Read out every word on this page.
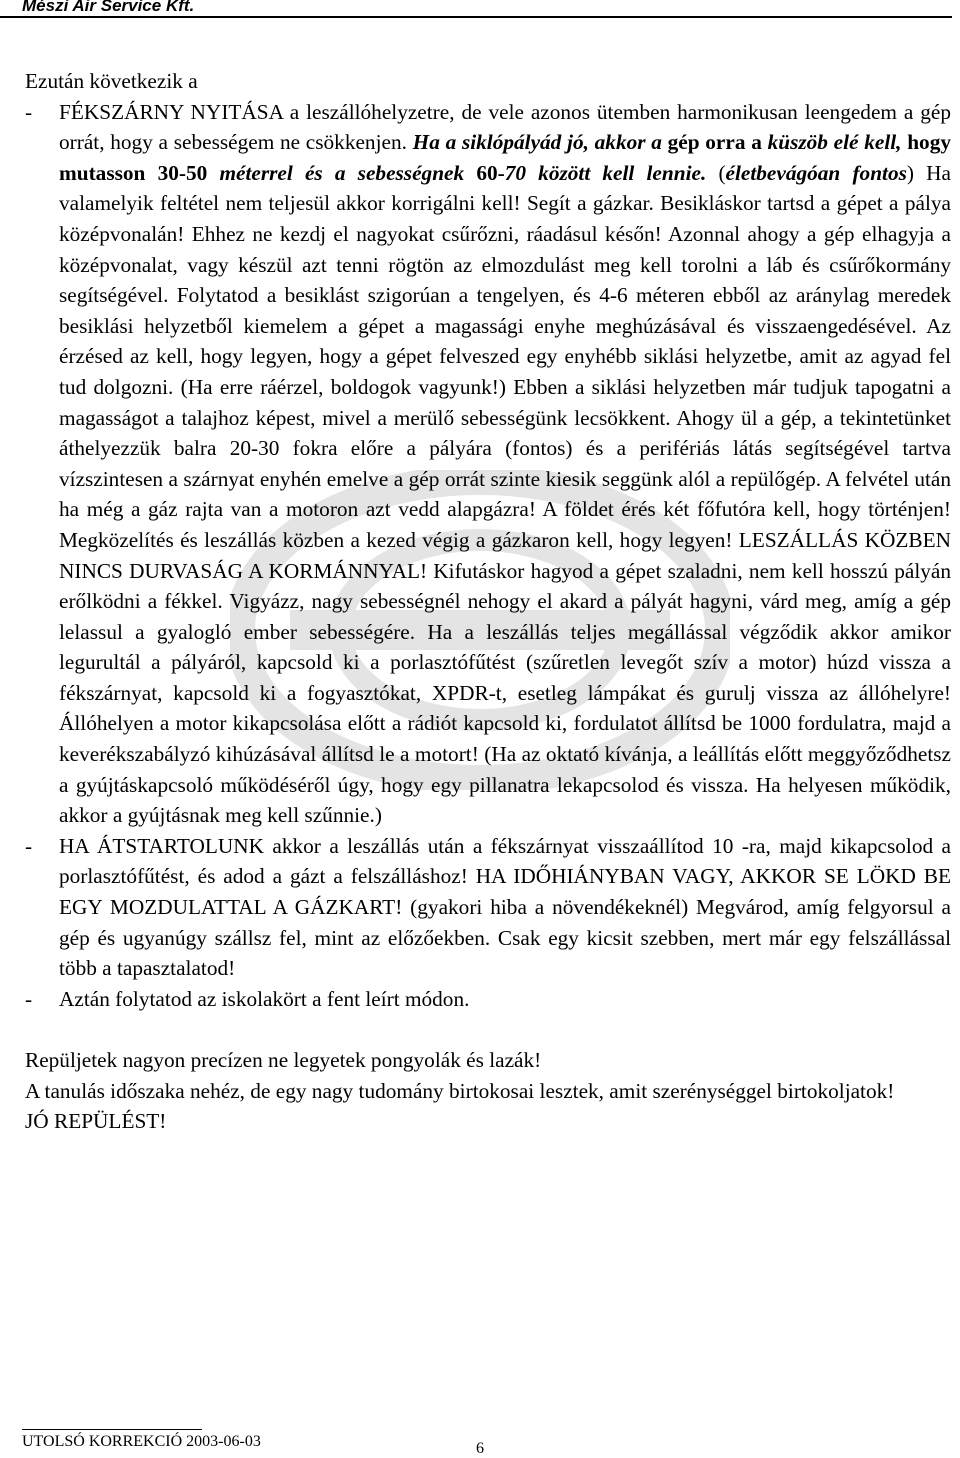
Mészi Air Service Kft.

Ezután következik a

- FÉKSZÁRNY NYITÁSA a leszállóhelyzetre, de vele azonos ütemben harmonikusan leengedem a gép orrát, hogy a sebességem ne csökkenjen. Ha a siklópályád jó, akkor a gép orra a küszöb elé kell, hogy mutasson 30-50 méterrel és a sebességnek 60-70 között kell lennie. (életbevágóan fontos) Ha valamelyik feltétel nem teljesül akkor korrigálni kell! Segít a gázkar. Besikláskor tartsd a gépet a pálya középvonalán! Ehhez ne kezdj el nagyokat csűrőzni, ráadásul későn! Azonnal ahogy a gép elhagyja a középvonalat, vagy készül azt tenni rögtön az elmozdulást meg kell torolni a láb és csűrőkormány segítségével. Folytatod a besiklást szigorúan a tengelyen, és 4-6 méteren ebből az aránylag meredek besiklási helyzetből kiemelem a gépet a magassági enyhe meghúzásával és visszaengedésével. Az érzésed az kell, hogy legyen, hogy a gépet felveszed egy enyhébb siklási helyzetbe, amit az agyad fel tud dolgozni. (Ha erre ráérzel, boldogok vagyunk!) Ebben a siklási helyzetben már tudjuk tapogatni a magasságot a talajhoz képest, mivel a merülő sebességünk lecsökkent. Ahogy ül a gép, a tekintetünket áthelyezzük balra 20-30 fokra előre a pályára (fontos) és a perifériás látás segítségével tartva vízszintesen a szárnyat enyhén emelve a gép orrát szinte kiesik seggünk alól a repülőgép. A felvétel után ha még a gáz rajta van a motoron azt vedd alapgázra! A földet érés két főfutóra kell, hogy történjen! Megközelítés és leszállás közben a kezed végig a gázkaron kell, hogy legyen! LESZÁLLÁS KÖZBEN NINCS DURVASÁG A KORMÁNNYAL! Kifutáskor hagyod a gépet szaladni, nem kell hosszú pályán erőlködni a fékkel. Vigyázz, nagy sebességnél nehogy el akard a pályát hagyni, várd meg, amíg a gép lelassul a gyalogló ember sebességére. Ha a leszállás teljes megállással végződik akkor amikor legurultál a pályáról, kapcsold ki a porlasztófűtést (szűretlen levegőt szív a motor) húzd vissza a fékszárnyat, kapcsold ki a fogyasztókat, XPDR-t, esetleg lámpákat és gurulj vissza az állóhelyre! Állóhelyen a motor kikapcsolása előtt a rádiót kapcsold ki, fordulatot állítsd be 1000 fordulatra, majd a keverékszabályzó kihúzásával állítsd le a motort! (Ha az oktató kívánja, a leállítás előtt meggyőződhetsz a gyújtáskapcsoló működéséről úgy, hogy egy pillanatra lekapcsolod és visszа. Ha helyesen működik, akkor a gyújtásnak meg kell szűnnie.)

- HA ÁTSTARTOLUNK akkor a leszállás után a fékszárnyat visszaállítod 10 -ra, majd kikapcsolod a porlasztófűtést, és adod a gázt a felszálláshoz! HA IDŐHIÁNYBAN VAGY, AKKOR SE LÖKD BE EGY MOZDULATTAL A GÁZKART! (gyakori hiba a növendékeknél) Megvárod, amíg felgyorsul a gép és ugyanúgy szállsz fel, mint az előzőekben. Csak egy kicsit szebben, mert már egy felszállással több a tapasztalatod!

- Aztán folytatod az iskolakört a fent leírt módon.

Repüljetek nagyon precízen ne legyetek pongyolák és lazák!

A tanulás időszaka nehéz, de egy nagy tudomány birtokosai lesztek, amit szerénységgel birtokoljatok!

JÓ REPÜLÉST!

UTOLSÓ KORREKCIÓ 2003-06-03	6
